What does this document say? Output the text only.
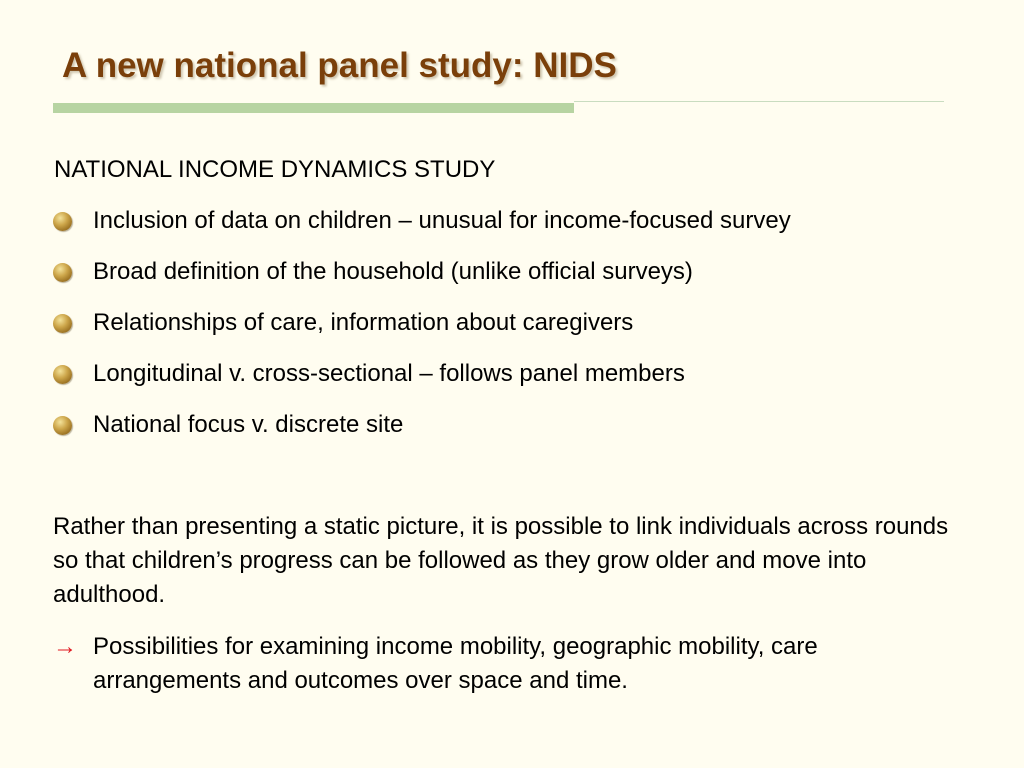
A new national panel study: NIDS
NATIONAL INCOME DYNAMICS STUDY
Inclusion of data on children – unusual for income-focused survey
Broad definition of the household (unlike official surveys)
Relationships of care, information about caregivers
Longitudinal v. cross-sectional – follows panel members
National focus v. discrete site

Rather than presenting a static picture, it is possible to link individuals across rounds so that children’s progress can be followed as they grow older and move into adulthood.

→ Possibilities for examining income mobility, geographic mobility, care arrangements and outcomes over space and time.
